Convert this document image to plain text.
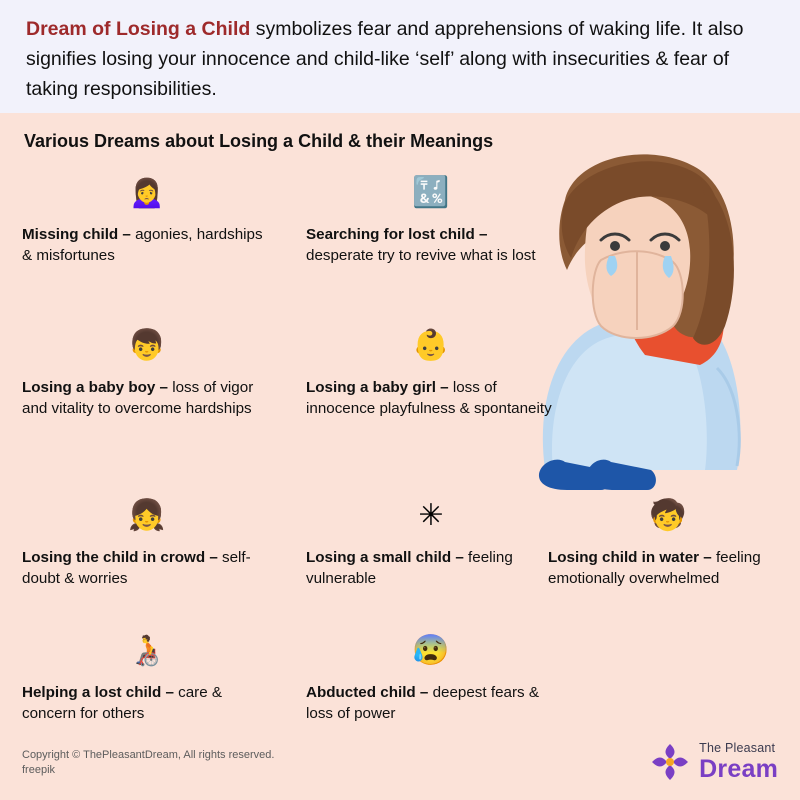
Dream of Losing a Child symbolizes fear and apprehensions of waking life. It also signifies losing your innocence and child-like ‘self’ along with insecurities & fear of taking responsibilities.

Various Dreams about Losing a Child & their Meanings
🙍‍♀️
Missing child – agonies, hardships & misfortunes
🔣
Searching for lost child – desperate try to revive what is lost
👦
Losing a baby boy – loss of vigor and vitality to overcome hardships
👶
Losing a baby girl – loss of innocence playfulness & spontaneity
👧
Losing the child in crowd – self-doubt & worries
✳
Losing a small child – feeling vulnerable
🧒
Losing child in water – feeling emotionally overwhelmed
🧑‍🦽
Helping a lost child – care & concern for others
😰
Abducted child – deepest fears & loss of power
Copyright © ThePleasantDream, All rights reserved.
freepik
The Pleasant
Dream
